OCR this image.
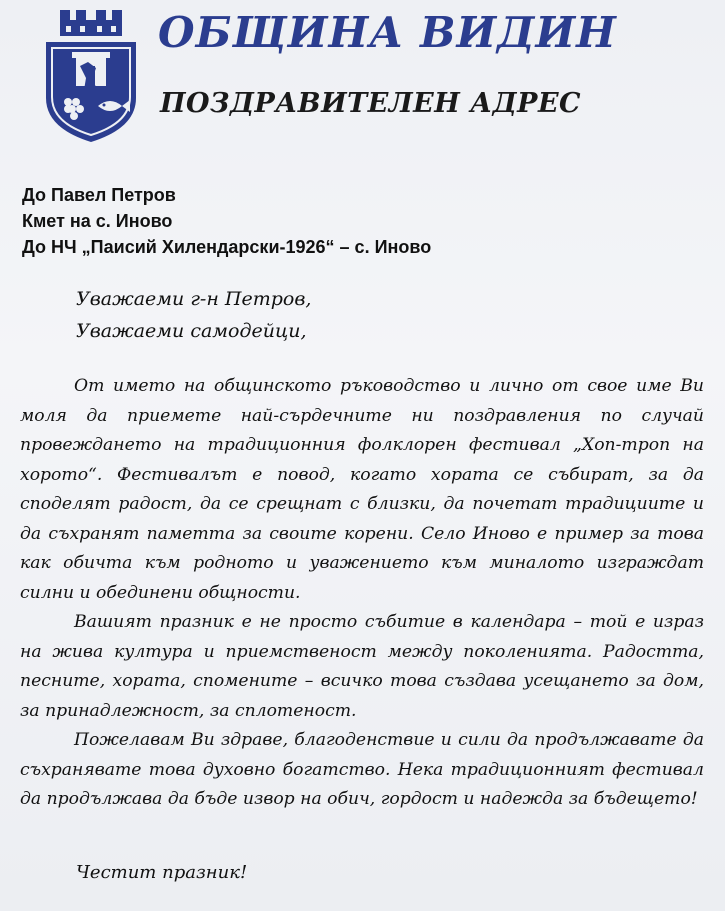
ОБЩИНА ВИДИН
ПОЗДРАВИТЕЛЕН АДРЕС
До Павел Петров
Кмет на с. Иново
До НЧ „Паисий Хилендарски-1926“ – с. Иново
Уважаеми г-н Петров,
Уважаеми самодейци,

От името на общинското ръководство и лично от свое име Ви моля да приемете най-сърдечните ни поздравления по случай провеждането на традиционния фолклорен фестивал „Хоп-троп на хорото“. Фестивалът е повод, когато хората се събират, за да споделят радост, да се срещнат с близки, да почетат традициите и да съхранят паметта за своите корени. Село Иново е пример за това как обичта към родното и уважението към миналото изграждат силни и обединени общности.

Вашият празник е не просто събитие в календара – той е израз на жива култура и приемственост между поколенията. Радостта, песните, хората, спомените – всичко това създава усещането за дом, за принадлежност, за сплотеност.

Пожелавам Ви здраве, благоденствие и сили да продължавате да съхранявате това духовно богатство. Нека традиционният фестивал да продължава да бъде извор на обич, гордост и надежда за бъдещето!

Честит празник!
